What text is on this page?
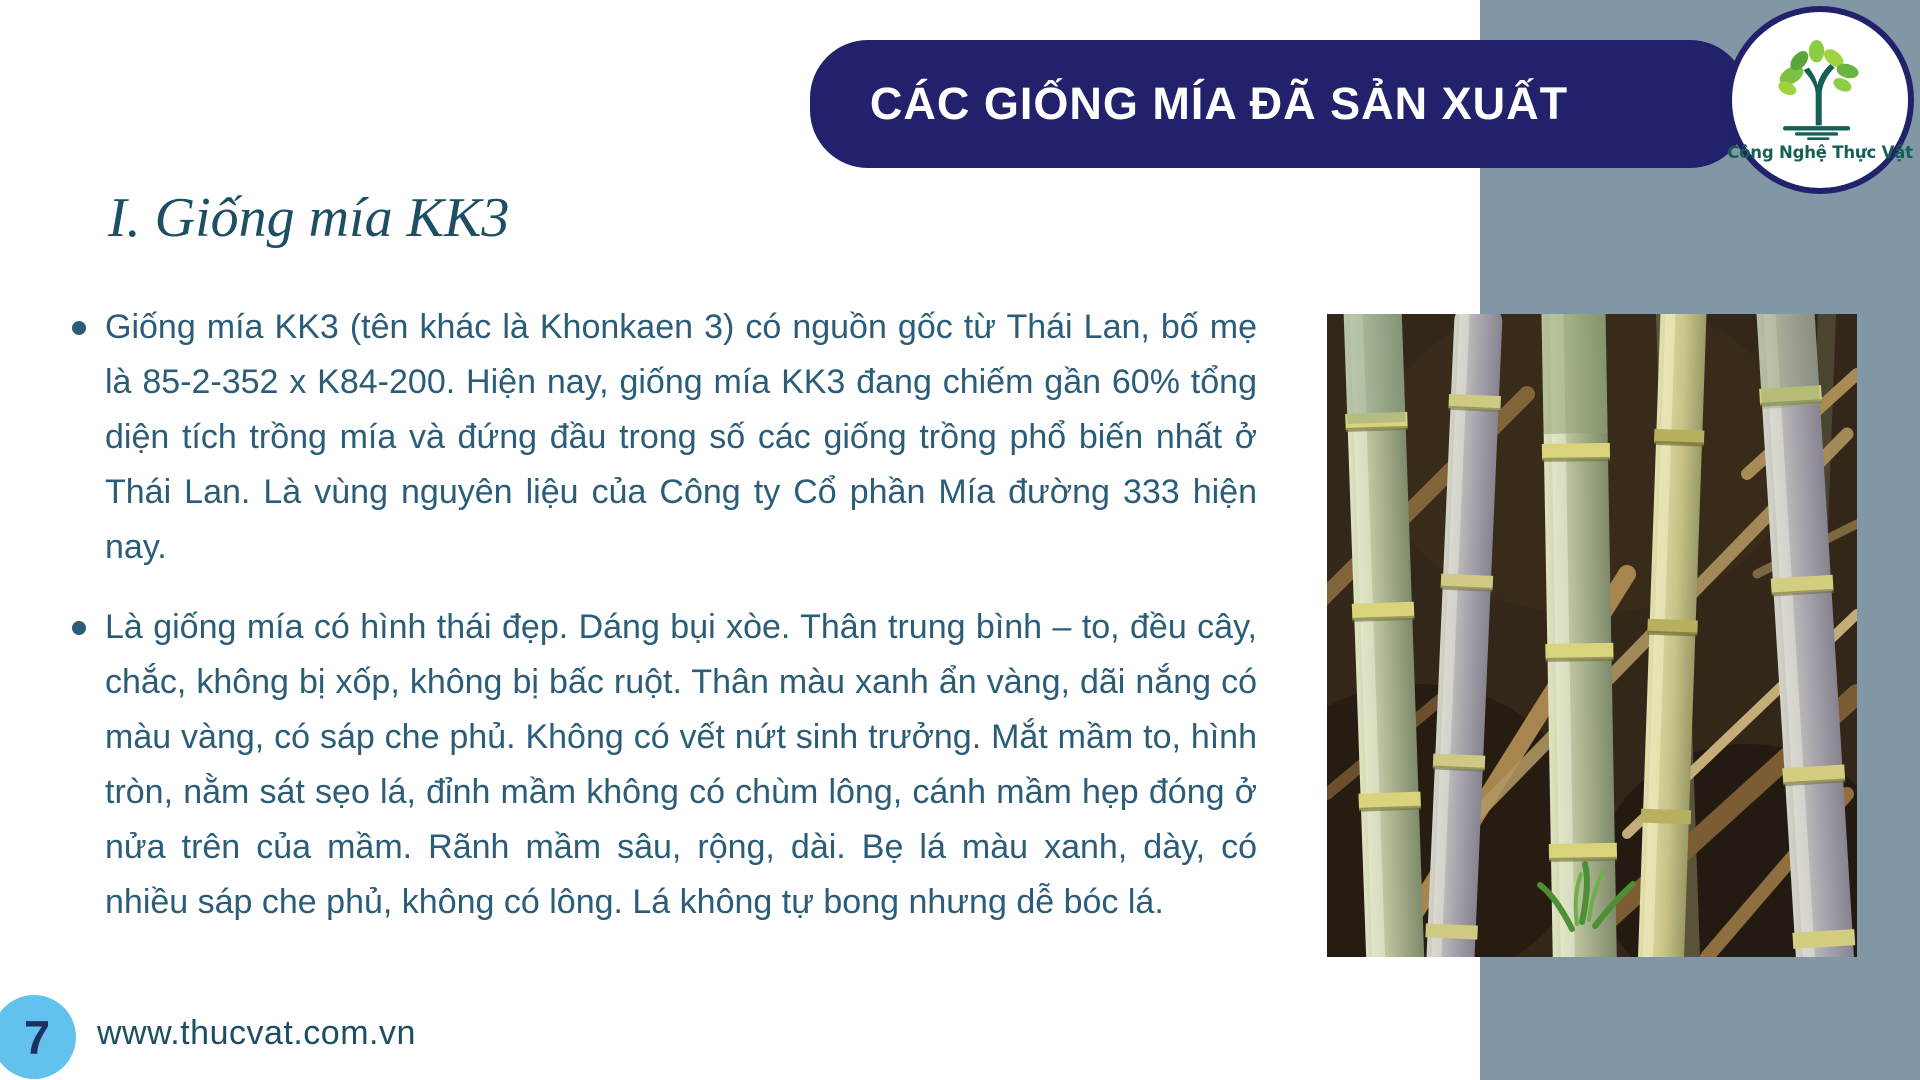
CÁC GIỐNG MÍA ĐÃ SẢN XUẤT
Công Nghệ Thực Vật
I. Giống mía KK3

Giống mía KK3 (tên khác là Khonkaen 3) có nguồn gốc từ Thái Lan, bố mẹ là 85-2-352 x K84-200. Hiện nay, giống mía KK3 đang chiếm gần 60% tổng diện tích trồng mía và đứng đầu trong số các giống trồng phổ biến nhất ở Thái Lan. Là vùng nguyên liệu của Công ty Cổ phần Mía đường 333 hiện nay.

Là giống mía có hình thái đẹp. Dáng bụi xòe. Thân trung bình – to, đều cây, chắc, không bị xốp, không bị bấc ruột. Thân màu xanh ẩn vàng, dãi nắng có màu vàng, có sáp che phủ. Không có vết nứt sinh trưởng. Mắt mầm to, hình tròn, nằm sát sẹo lá, đỉnh mầm không có chùm lông, cánh mầm hẹp đóng ở nửa trên của mầm. Rãnh mầm sâu, rộng, dài. Bẹ lá màu xanh, dày, có nhiều sáp che phủ, không có lông. Lá không tự bong nhưng dễ bóc lá.

7 www.thucvat.com.vn
